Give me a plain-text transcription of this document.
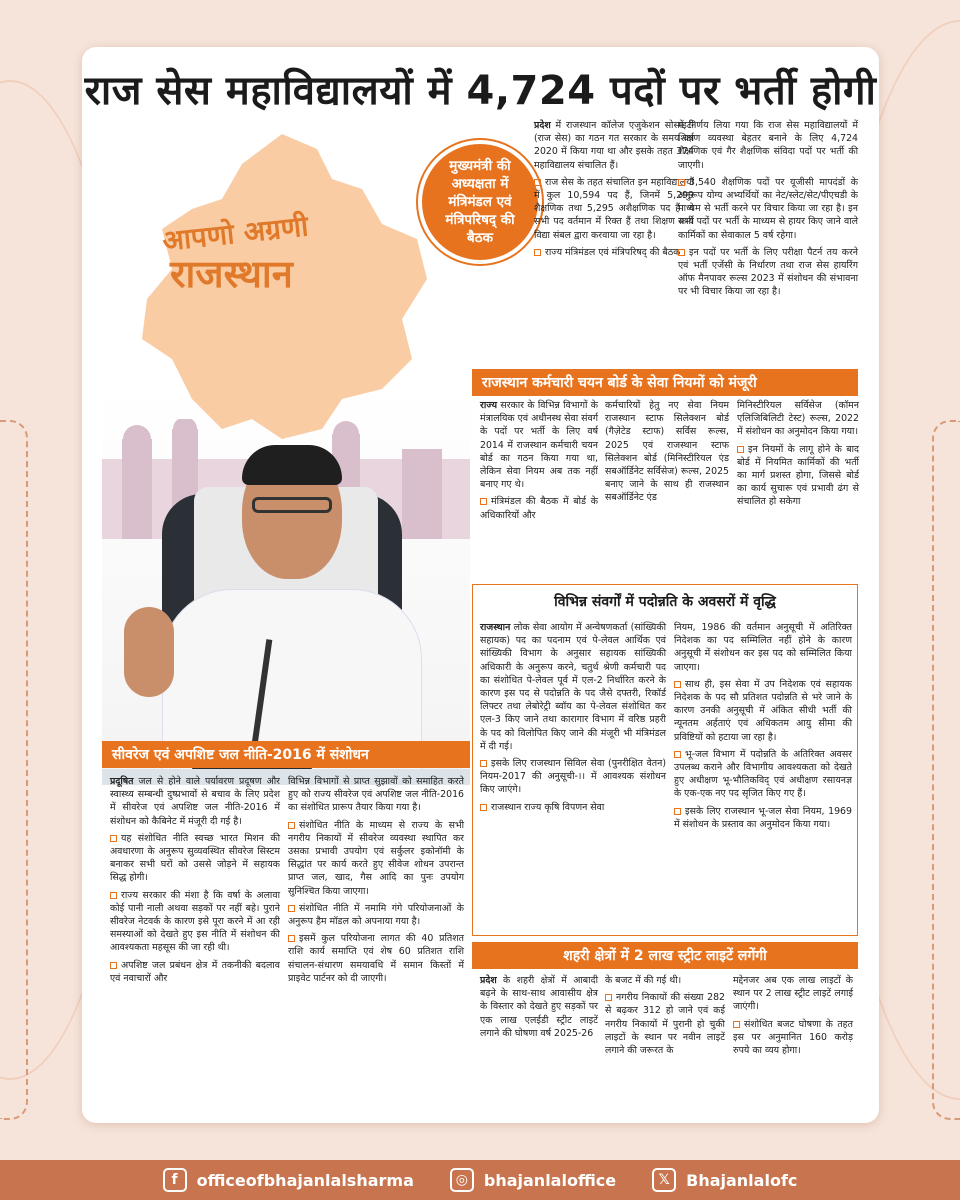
राज सेस महाविद्यालयों में 4,724 पदों पर भर्ती होगी
आपणो अग्रणी
राजस्थान
मुख्यमंत्री की अध्यक्षता में मंत्रिमंडल एवं मंत्रिपरिषद् की बैठक

प्रदेश में राजस्थान कॉलेज एजुकेशन सोसाइटी (राज सेस) का गठन गत सरकार के समय वर्ष 2020 में किया गया था और इसके तहत 374 महाविद्यालय संचालित हैं।

राज सेस के तहत संचालित इन महाविद्यालयों में कुल 10,594 पद हैं, जिनमें 5,299 शैक्षणिक तथा 5,295 अशैक्षणिक पद हैं। ये सभी पद वर्तमान में रिक्त हैं तथा शिक्षण कार्य विद्या संबल द्वारा करवाया जा रहा है।

राज्य मंत्रिमंडल एवं मंत्रिपरिषद् की बैठक

में निर्णय लिया गया कि राज सेस महाविद्यालयों में शिक्षण व्यवस्था बेहतर बनाने के लिए 4,724 शैक्षणिक एवं गैर शैक्षणिक संविदा पदों पर भर्ती की जाएगी।

3,540 शैक्षणिक पदों पर यूजीसी मापदंडों के अनुरूप योग्य अभ्यर्थियों का नेट/स्लेट/सेट/पीएचडी के माध्यम से भर्ती करने पर विचार किया जा रहा है। इन सभी पदों पर भर्ती के माध्यम से हायर किए जाने वाले कार्मिकों का सेवाकाल 5 वर्ष रहेगा।

इन पदों पर भर्ती के लिए परीक्षा पैटर्न तय करने एवं भर्ती एजेंसी के निर्धारण तथा राज सेस हायरिंग ऑफ मैनपावर रूल्स 2023 में संशोधन की संभावना पर भी विचार किया जा रहा है।

राजस्थान कर्मचारी चयन बोर्ड के सेवा नियमों को मंजूरी

राज्य सरकार के विभिन्न विभागों के मंत्रालयिक एवं अधीनस्थ सेवा संवर्ग के पदों पर भर्ती के लिए वर्ष 2014 में राजस्थान कर्मचारी चयन बोर्ड का गठन किया गया था, लेकिन सेवा नियम अब तक नहीं बनाए गए थे।

मंत्रिमंडल की बैठक में बोर्ड के अधिकारियों और

कर्मचारियों हेतु नए सेवा नियम राजस्थान स्टाफ सिलेक्शन बोर्ड (गैज़ेटेड स्टाफ) सर्विस रूल्स, 2025 एवं राजस्थान स्टाफ सिलेक्शन बोर्ड (मिनिस्टीरियल एंड सबऑर्डिनेट सर्विसेज) रूल्स, 2025 बनाए जाने के साथ ही राजस्थान सबऑर्डिनेट एंड

मिनिस्टीरियल सर्विसेज (कॉमन एलिजिबिलिटी टेस्ट) रूल्स, 2022 में संशोधन का अनुमोदन किया गया।

इन नियमों के लागू होने के बाद बोर्ड में नियमित कार्मिकों की भर्ती का मार्ग प्रशस्त होगा, जिससे बोर्ड का कार्य सुचारू एवं प्रभावी ढंग से संचालित हो सकेगा

विभिन्न संवर्गों में पदोन्नति के अवसरों में वृद्धि

राजस्थान लोक सेवा आयोग में अन्वेषणकर्ता (सांख्यिकी सहायक) पद का पदनाम एवं पे-लेवल आर्थिक एवं सांख्यिकी विभाग के अनुसार सहायक सांख्यिकी अधिकारी के अनुरूप करने, चतुर्थ श्रेणी कर्मचारी पद का संशोधित पे-लेवल पूर्व में एल-2 निर्धारित करने के कारण इस पद से पदोन्नति के पद जैसे दफ्तरी, रिकॉर्ड लिफ्टर तथा लेबोरेट्री ब्वॉय का पे-लेवल संशोधित कर एल-3 किए जाने तथा कारागार विभाग में वरिष्ठ प्रहरी के पद को विलोपित किए जाने की मंजूरी भी मंत्रिमंडल में दी गई।

इसके लिए राजस्थान सिविल सेवा (पुनरीक्षित वेतन) नियम-2017 की अनुसूची-।। में आवश्यक संशोधन किए जाएंगे।

राजस्थान राज्य कृषि विपणन सेवा

नियम, 1986 की वर्तमान अनुसूची में अतिरिक्त निदेशक का पद सम्मिलित नहीं होने के कारण अनुसूची में संशोधन कर इस पद को सम्मिलित किया जाएगा।

साथ ही, इस सेवा में उप निदेशक एवं सहायक निदेशक के पद सौ प्रतिशत पदोन्नति से भरे जाने के कारण उनकी अनुसूची में अंकित सीधी भर्ती की न्यूनतम अर्हताएं एवं अधिकतम आयु सीमा की प्रविष्टियों को हटाया जा रहा है।

भू-जल विभाग में पदोन्नति के अतिरिक्त अवसर उपलब्ध कराने और विभागीय आवश्यकता को देखते हुए अधीक्षण भू-भौतिकविद् एवं अधीक्षण रसायनज्ञ के एक-एक नए पद सृजित किए गए हैं।

इसके लिए राजस्थान भू-जल सेवा नियम, 1969 में संशोधन के प्रस्ताव का अनुमोदन किया गया।

सीवरेज एवं अपशिष्ट जल नीति-2016 में संशोधन

प्रदूषित जल से होने वाले पर्यावरण प्रदूषण और स्वास्थ्य सम्बन्धी दुष्प्रभावों से बचाव के लिए प्रदेश में सीवरेज एवं अपशिष्ट जल नीति-2016 में संशोधन को कैबिनेट में मंजूरी दी गई है।

यह संशोधित नीति स्वच्छ भारत मिशन की अवधारणा के अनुरूप सुव्यवस्थित सीवरेज सिस्टम बनाकर सभी घरों को उससे जोड़ने में सहायक सिद्ध होगी।

राज्य सरकार की मंशा है कि वर्षा के अलावा कोई पानी नाली अथवा सड़कों पर नहीं बहे। पुराने सीवरेज नेटवर्क के कारण इसे पूरा करने में आ रही समस्याओं को देखते हुए इस नीति में संशोधन की आवश्यकता महसूस की जा रही थी।

अपशिष्ट जल प्रबंधन क्षेत्र में तकनीकी बदलाव एवं नवाचारों और

विभिन्न विभागों से प्राप्त सुझावों को समाहित करते हुए को राज्य सीवरेज एवं अपशिष्ट जल नीति-2016 का संशोधित प्रारूप तैयार किया गया है।

संशोधित नीति के माध्यम से राज्य के सभी नगरीय निकायों में सीवरेज व्यवस्था स्थापित कर उसका प्रभावी उपयोग एवं सर्कुलर इकोनॉमी के सिद्धांत पर कार्य करते हुए सीवेज शोधन उपरान्त प्राप्त जल, खाद, गैस आदि का पुनः उपयोग सुनिश्चित किया जाएगा।

संशोधित नीति में नमामि गंगे परियोजनाओं के अनुरूप हैम मॉडल को अपनाया गया है।

इसमें कुल परियोजना लागत की 40 प्रतिशत राशि कार्य समाप्ति एवं शेष 60 प्रतिशत राशि संचालन-संधारण समयावधि में समान किस्तों में प्राइवेट पार्टनर को दी जाएगी।

शहरी क्षेत्रों में 2 लाख स्ट्रीट लाइटें लगेंगी

प्रदेश के शहरी क्षेत्रों में आबादी बढ़ने के साथ-साथ आवासीय क्षेत्र के विस्तार को देखते हुए सड़कों पर एक लाख एलईडी स्ट्रीट लाइटें लगाने की घोषणा वर्ष 2025-26

के बजट में की गई थी।

नगरीय निकायों की संख्या 282 से बढ़कर 312 हो जाने एवं कई नगरीय निकायों में पुरानी हो चुकी लाइटों के स्थान पर नवीन लाइटें लगाने की जरूरत के

मद्देनजर अब एक लाख लाइटों के स्थान पर 2 लाख स्ट्रीट लाइटें लगाई जाएंगी।

संशोधित बजट घोषणा के तहत इस पर अनुमानित 160 करोड़ रुपये का व्यय होगा।

f	officeofbhajanlalsharma	◎ bhajanlaloffice	𝕏	Bhajanlalofc
